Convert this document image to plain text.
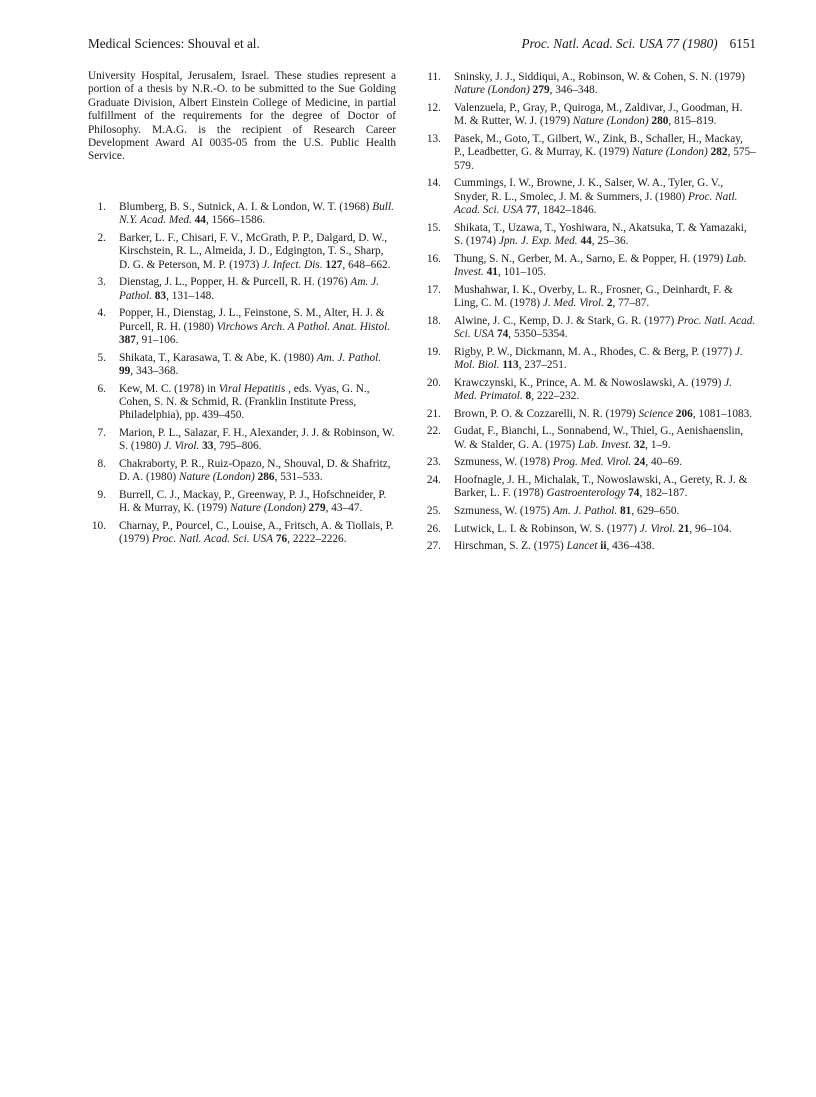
Medical Sciences: Shouval et al.	Proc. Natl. Acad. Sci. USA 77 (1980) 6151

University Hospital, Jerusalem, Israel. These studies represent a portion of a thesis by N.R.-O. to be submitted to the Sue Golding Graduate Division, Albert Einstein College of Medicine, in partial fulfillment of the requirements for the degree of Doctor of Philosophy. M.A.G. is the recipient of Research Career Development Award AI 0035-05 from the U.S. Public Health Service.

1. Blumberg, B. S., Sutnick, A. I. & London, W. T. (1968) Bull. N.Y. Acad. Med. 44, 1566–1586.
2. Barker, L. F., Chisari, F. V., McGrath, P. P., Dalgard, D. W., Kirschstein, R. L., Almeida, J. D., Edgington, T. S., Sharp, D. G. & Peterson, M. P. (1973) J. Infect. Dis. 127, 648–662.
3. Dienstag, J. L., Popper, H. & Purcell, R. H. (1976) Am. J. Pathol. 83, 131–148.
4. Popper, H., Dienstag, J. L., Feinstone, S. M., Alter, H. J. & Purcell, R. H. (1980) Virchows Arch. A Pathol. Anat. Histol. 387, 91–106.
5. Shikata, T., Karasawa, T. & Abe, K. (1980) Am. J. Pathol. 99, 343–368.
6. Kew, M. C. (1978) in Viral Hepatitis , eds. Vyas, G. N., Cohen, S. N. & Schmid, R. (Franklin Institute Press, Philadelphia), pp. 439–450.
7. Marion, P. L., Salazar, F. H., Alexander, J. J. & Robinson, W. S. (1980) J. Virol. 33, 795–806.
8. Chakraborty, P. R., Ruiz-Opazo, N., Shouval, D. & Shafritz, D. A. (1980) Nature (London) 286, 531–533.
9. Burrell, C. J., Mackay, P., Greenway, P. J., Hofschneider, P. H. & Murray, K. (1979) Nature (London) 279, 43–47.
10. Charnay, P., Pourcel, C., Louise, A., Fritsch, A. & Tiollais, P. (1979) Proc. Natl. Acad. Sci. USA 76, 2222–2226.
11. Sninsky, J. J., Siddiqui, A., Robinson, W. & Cohen, S. N. (1979) Nature (London) 279, 346–348.
12. Valenzuela, P., Gray, P., Quiroga, M., Zaldivar, J., Goodman, H. M. & Rutter, W. J. (1979) Nature (London) 280, 815–819.
13. Pasek, M., Goto, T., Gilbert, W., Zink, B., Schaller, H., Mackay, P., Leadbetter, G. & Murray, K. (1979) Nature (London) 282, 575–579.
14. Cummings, I. W., Browne, J. K., Salser, W. A., Tyler, G. V., Snyder, R. L., Smolec, J. M. & Summers, J. (1980) Proc. Natl. Acad. Sci. USA 77, 1842–1846.
15. Shikata, T., Uzawa, T., Yoshiwara, N., Akatsuka, T. & Yamazaki, S. (1974) Jpn. J. Exp. Med. 44, 25–36.
16. Thung, S. N., Gerber, M. A., Sarno, E. & Popper, H. (1979) Lab. Invest. 41, 101–105.
17. Mushahwar, I. K., Overby, L. R., Frosner, G., Deinhardt, F. & Ling, C. M. (1978) J. Med. Virol. 2, 77–87.
18. Alwine, J. C., Kemp, D. J. & Stark, G. R. (1977) Proc. Natl. Acad. Sci. USA 74, 5350–5354.
19. Rigby, P. W., Dickmann, M. A., Rhodes, C. & Berg, P. (1977) J. Mol. Biol. 113, 237–251.
20. Krawczynski, K., Prince, A. M. & Nowoslawski, A. (1979) J. Med. Primatol. 8, 222–232.
21. Brown, P. O. & Cozzarelli, N. R. (1979) Science 206, 1081–1083.
22. Gudat, F., Bianchi, L., Sonnabend, W., Thiel, G., Aenishaenslin, W. & Stalder, G. A. (1975) Lab. Invest. 32, 1–9.
23. Szmuness, W. (1978) Prog. Med. Virol. 24, 40–69.
24. Hoofnagle, J. H., Michalak, T., Nowoslawski, A., Gerety, R. J. & Barker, L. F. (1978) Gastroenterology 74, 182–187.
25. Szmuness, W. (1975) Am. J. Pathol. 81, 629–650.
26. Lutwick, L. I. & Robinson, W. S. (1977) J. Virol. 21, 96–104.
27. Hirschman, S. Z. (1975) Lancet ii, 436–438.
